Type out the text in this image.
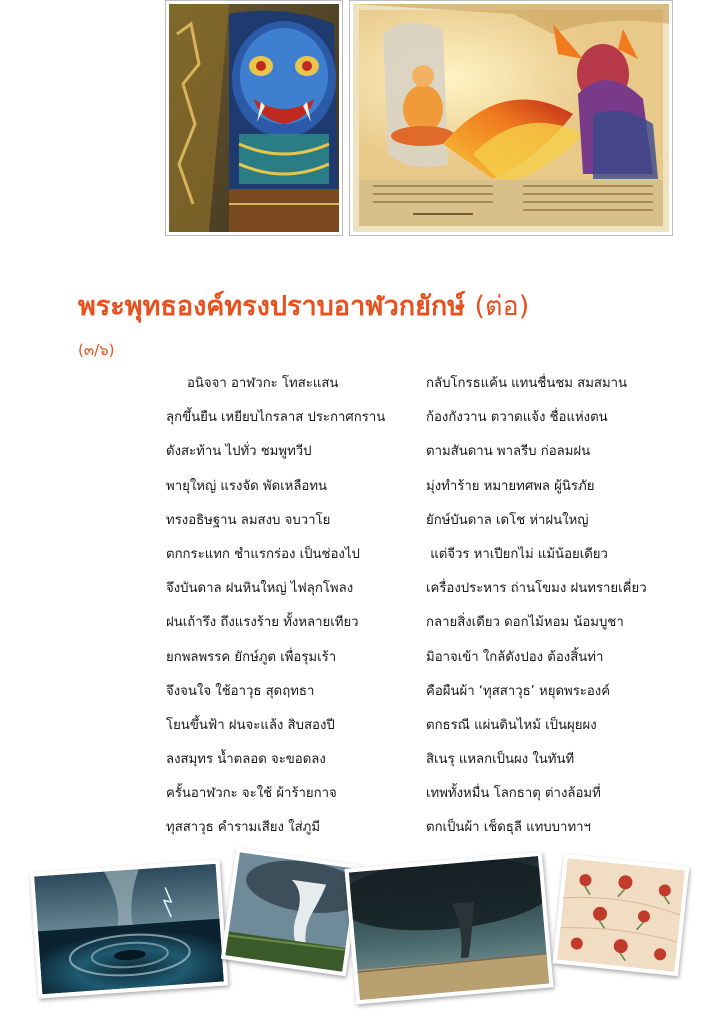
พระพุทธองค์ทรงปราบอาฬวกยักษ์ (ต่อ)
(๓/๖)
อนิจจา อาฬวกะ โทสะแสน	กลับโกรธแค้น แทนชื่นชม สมสมาน
ลุกขึ้นยืน เหยียบไกรลาส ประกาศกราน	ก้องกังวาน ตวาดแจ้ง ชื่อแห่งตน
ดังสะท้าน ไปทั่ว ชมพูทวีป	ตามสันดาน พาลรีบ ก่อลมฝน
พายุใหญ่ แรงจัด พัดเหลือทน	มุ่งทำร้าย หมายทศพล ผู้นิรภัย
ทรงอธิษฐาน ลมสงบ จบวาโย	ยักษ์บันดาล เดโช ห่าฝนใหญ่
ตกกระแทก ชำแรกร่อง เป็นช่องไป	แต่จีวร หาเปียกไม่ แม้น้อยเดียว
จึงบันดาล ฝนหินใหญ่ ไฟลุกโพลง	เครื่องประหาร ถ่านโขมง ฝนทรายเคี่ยว
ฝนเถ้ารึง ถึงแรงร้าย ทั้งหลายเทียว	กลายสิ่งเดียว ดอกไม้หอม น้อมบูชา
ยกพลพรรค ยักษ์ภูต เพื่อรุมเร้า	มิอาจเข้า ใกล้ดังปอง ต้องสิ้นท่า
จึงจนใจ ใช้อาวุธ สุดฤทธา	คือผืนผ้า ‘ทุสสาวุธ’ หยุดพระองค์
โยนขึ้นฟ้า ฝนจะแล้ง สิบสองปี	ตกธรณี แผ่นดินไหม้ เป็นผุยผง
ลงสมุทร น้ำตลอด จะขอดลง	สิเนรุ แหลกเป็นผง ในทันที
ครั้นอาฬวกะ จะใช้ ผ้าร้ายกาจ	เทพทั้งหมื่น โลกธาตุ ต่างล้อมที่
ทุสสาวุธ คำรามเสียง ใส่ภูมี	ตกเป็นผ้า เช็ดธุลี แทบบาทาฯ
